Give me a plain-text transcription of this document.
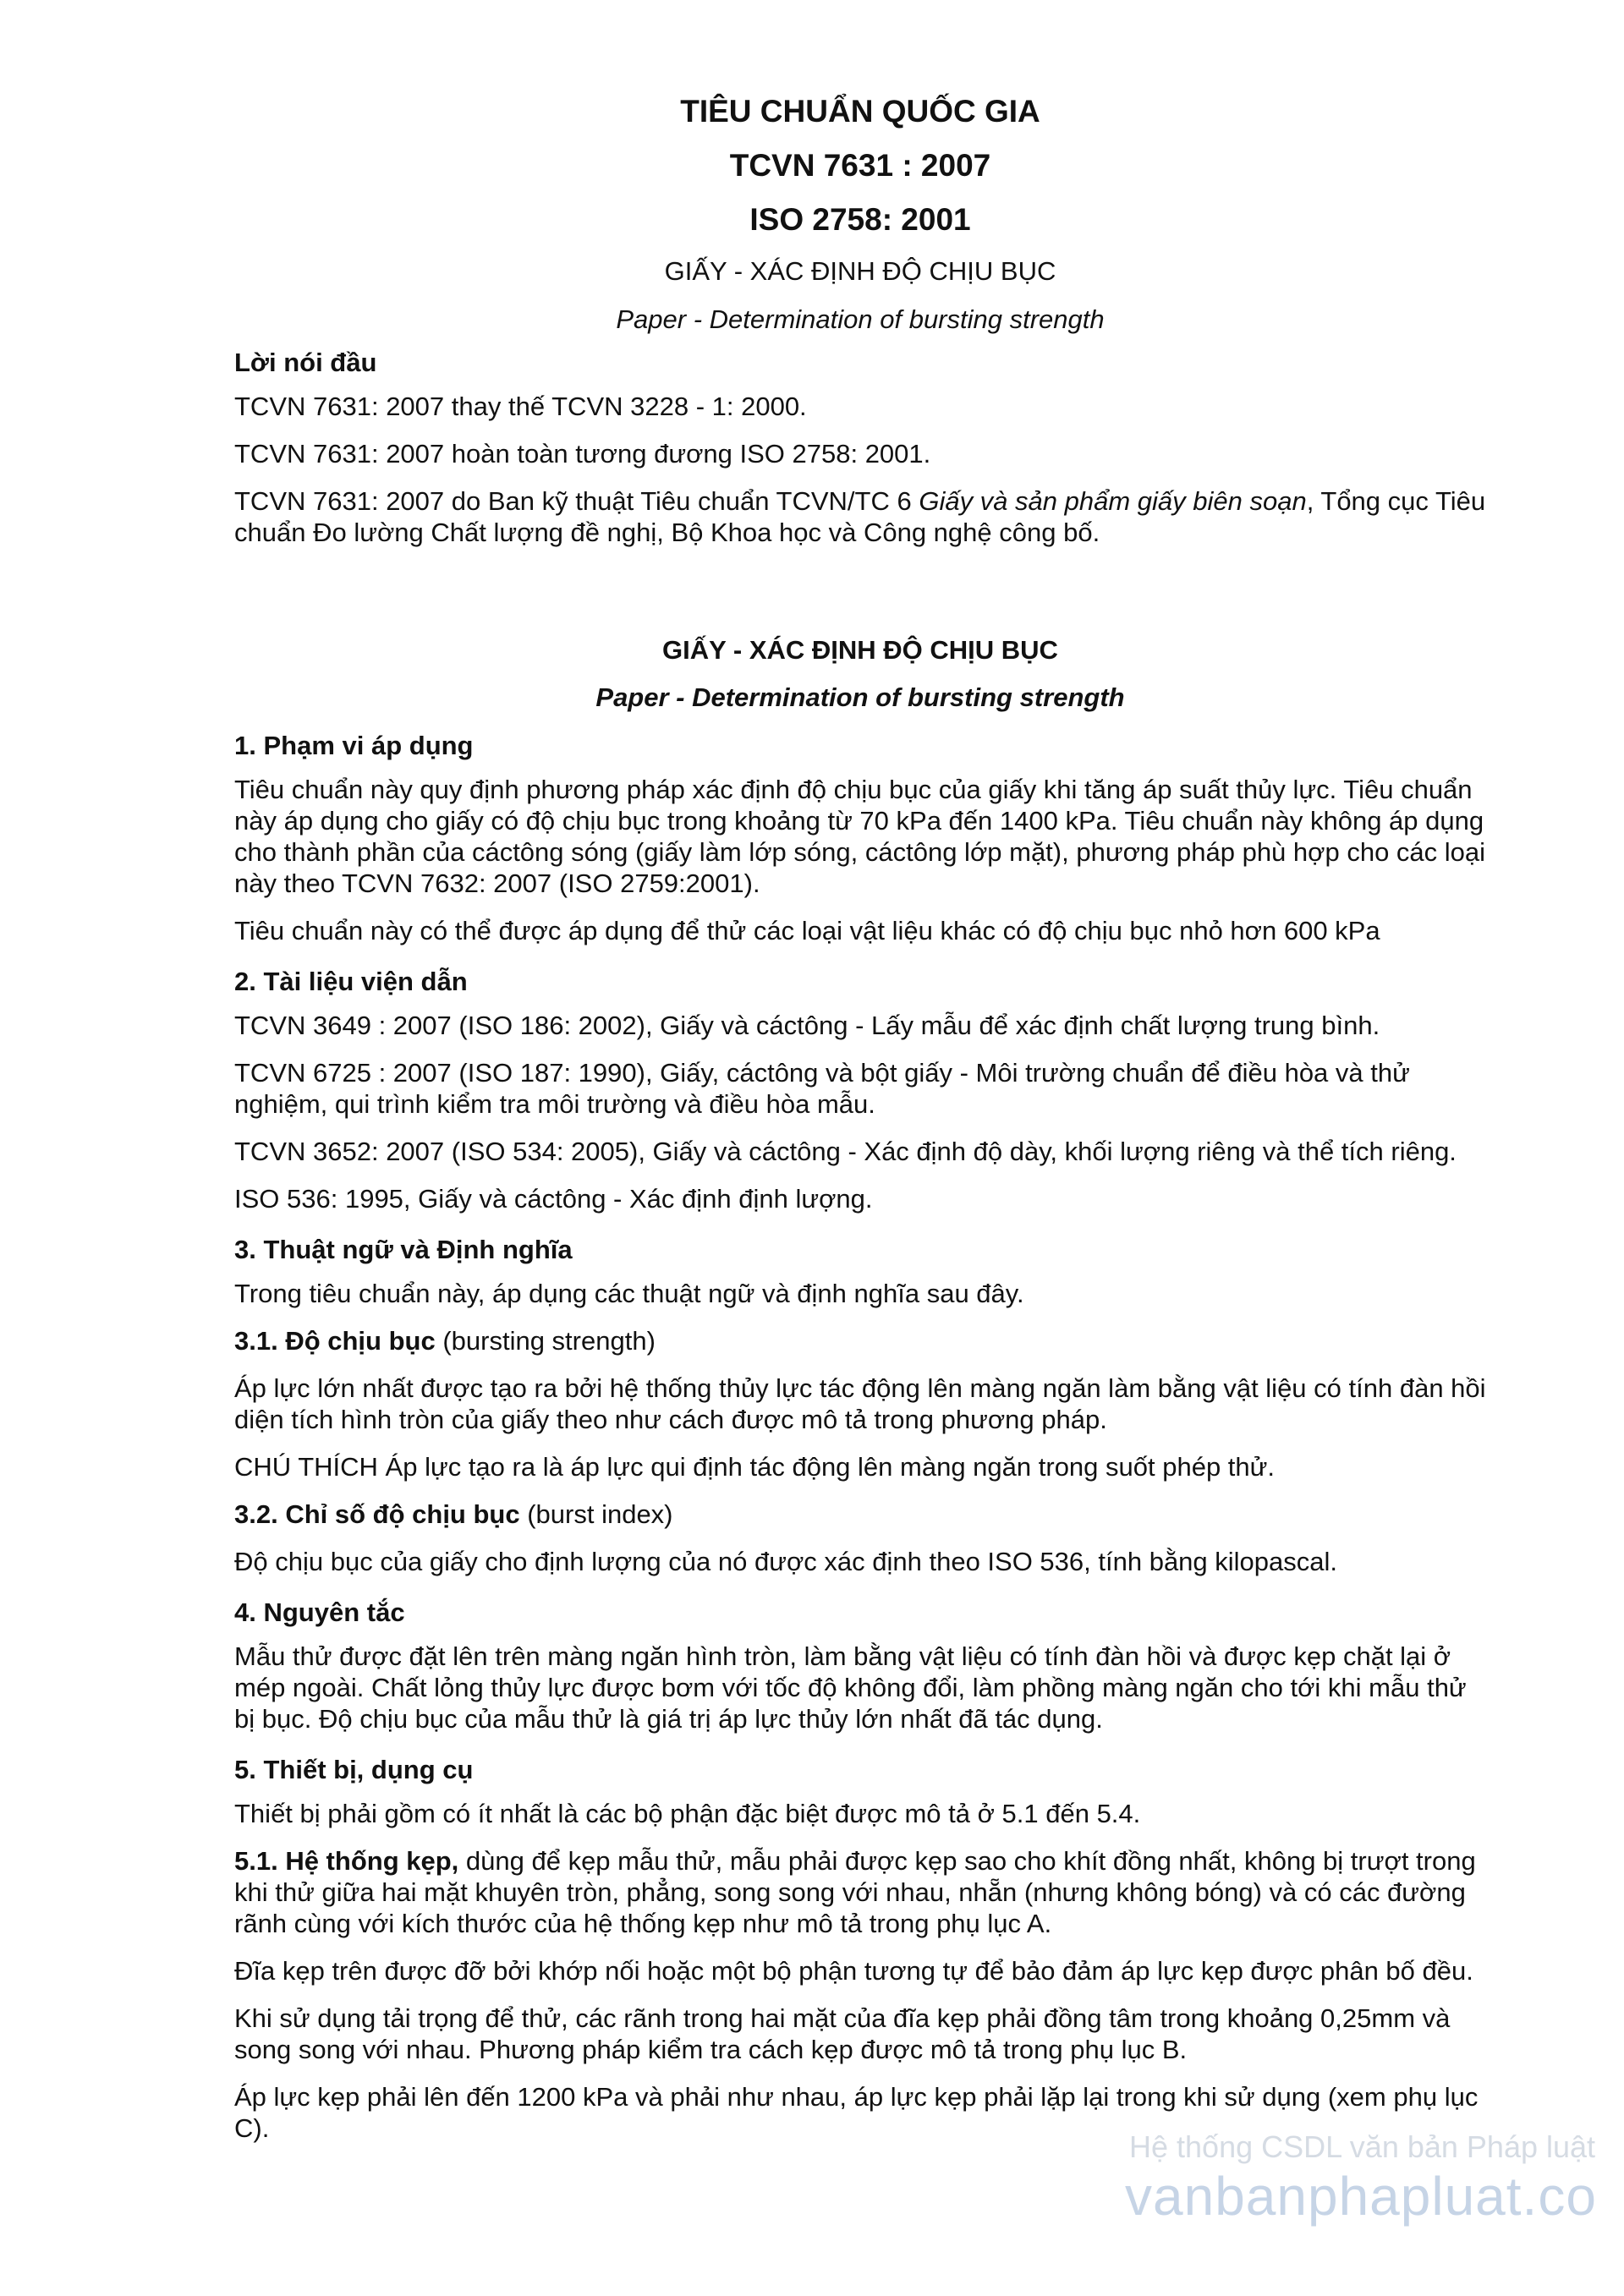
TIÊU CHUẨN QUỐC GIA
TCVN 7631 : 2007
ISO 2758: 2001
GIẤY - XÁC ĐỊNH ĐỘ CHỊU BỤC
Paper - Determination of bursting strength
Lời nói đầu

TCVN 7631: 2007 thay thế TCVN 3228 - 1: 2000.

TCVN 7631: 2007 hoàn toàn tương đương ISO 2758: 2001.

TCVN 7631: 2007 do Ban kỹ thuật Tiêu chuẩn TCVN/TC 6 Giấy và sản phẩm giấy biên soạn, Tổng cục Tiêu chuẩn Đo lường Chất lượng đề nghị, Bộ Khoa học và Công nghệ công bố.

GIẤY - XÁC ĐỊNH ĐỘ CHỊU BỤC
Paper - Determination of bursting strength
1. Phạm vi áp dụng

Tiêu chuẩn này quy định phương pháp xác định độ chịu bục của giấy khi tăng áp suất thủy lực. Tiêu chuẩn này áp dụng cho giấy có độ chịu bục trong khoảng từ 70 kPa đến 1400 kPa. Tiêu chuẩn này không áp dụng cho thành phần của cáctông sóng (giấy làm lớp sóng, cáctông lớp mặt), phương pháp phù hợp cho các loại này theo TCVN 7632: 2007 (ISO 2759:2001).

Tiêu chuẩn này có thể được áp dụng để thử các loại vật liệu khác có độ chịu bục nhỏ hơn 600 kPa

2. Tài liệu viện dẫn

TCVN 3649 : 2007 (ISO 186: 2002), Giấy và cáctông - Lấy mẫu để xác định chất lượng trung bình.

TCVN 6725 : 2007 (ISO 187: 1990), Giấy, cáctông và bột giấy - Môi trường chuẩn để điều hòa và thử nghiệm, qui trình kiểm tra môi trường và điều hòa mẫu.

TCVN 3652: 2007 (ISO 534: 2005), Giấy và cáctông - Xác định độ dày, khối lượng riêng và thể tích riêng.

ISO 536: 1995, Giấy và cáctông - Xác định định lượng.

3. Thuật ngữ và Định nghĩa

Trong tiêu chuẩn này, áp dụng các thuật ngữ và định nghĩa sau đây.

3.1. Độ chịu bục (bursting strength)

Áp lực lớn nhất được tạo ra bởi hệ thống thủy lực tác động lên màng ngăn làm bằng vật liệu có tính đàn hồi diện tích hình tròn của giấy theo như cách được mô tả trong phương pháp.

CHÚ THÍCH Áp lực tạo ra là áp lực qui định tác động lên màng ngăn trong suốt phép thử.

3.2. Chỉ số độ chịu bục (burst index)

Độ chịu bục của giấy cho định lượng của nó được xác định theo ISO 536, tính bằng kilopascal.

4. Nguyên tắc

Mẫu thử được đặt lên trên màng ngăn hình tròn, làm bằng vật liệu có tính đàn hồi và được kẹp chặt lại ở mép ngoài. Chất lỏng thủy lực được bơm với tốc độ không đổi, làm phồng màng ngăn cho tới khi mẫu thử bị bục. Độ chịu bục của mẫu thử là giá trị áp lực thủy lớn nhất đã tác dụng.

5. Thiết bị, dụng cụ

Thiết bị phải gồm có ít nhất là các bộ phận đặc biệt được mô tả ở 5.1 đến 5.4.

5.1. Hệ thống kẹp, dùng để kẹp mẫu thử, mẫu phải được kẹp sao cho khít đồng nhất, không bị trượt trong khi thử giữa hai mặt khuyên tròn, phẳng, song song với nhau, nhẵn (nhưng không bóng) và có các đường rãnh cùng với kích thước của hệ thống kẹp như mô tả trong phụ lục A.

Đĩa kẹp trên được đỡ bởi khớp nối hoặc một bộ phận tương tự để bảo đảm áp lực kẹp được phân bố đều.

Khi sử dụng tải trọng để thử, các rãnh trong hai mặt của đĩa kẹp phải đồng tâm trong khoảng 0,25mm và song song với nhau. Phương pháp kiểm tra cách kẹp được mô tả trong phụ lục B.

Áp lực kẹp phải lên đến 1200 kPa và phải như nhau, áp lực kẹp phải lặp lại trong khi sử dụng (xem phụ lục C).

Hệ thống CSDL văn bản Pháp luật
vanbanphapluat.co
